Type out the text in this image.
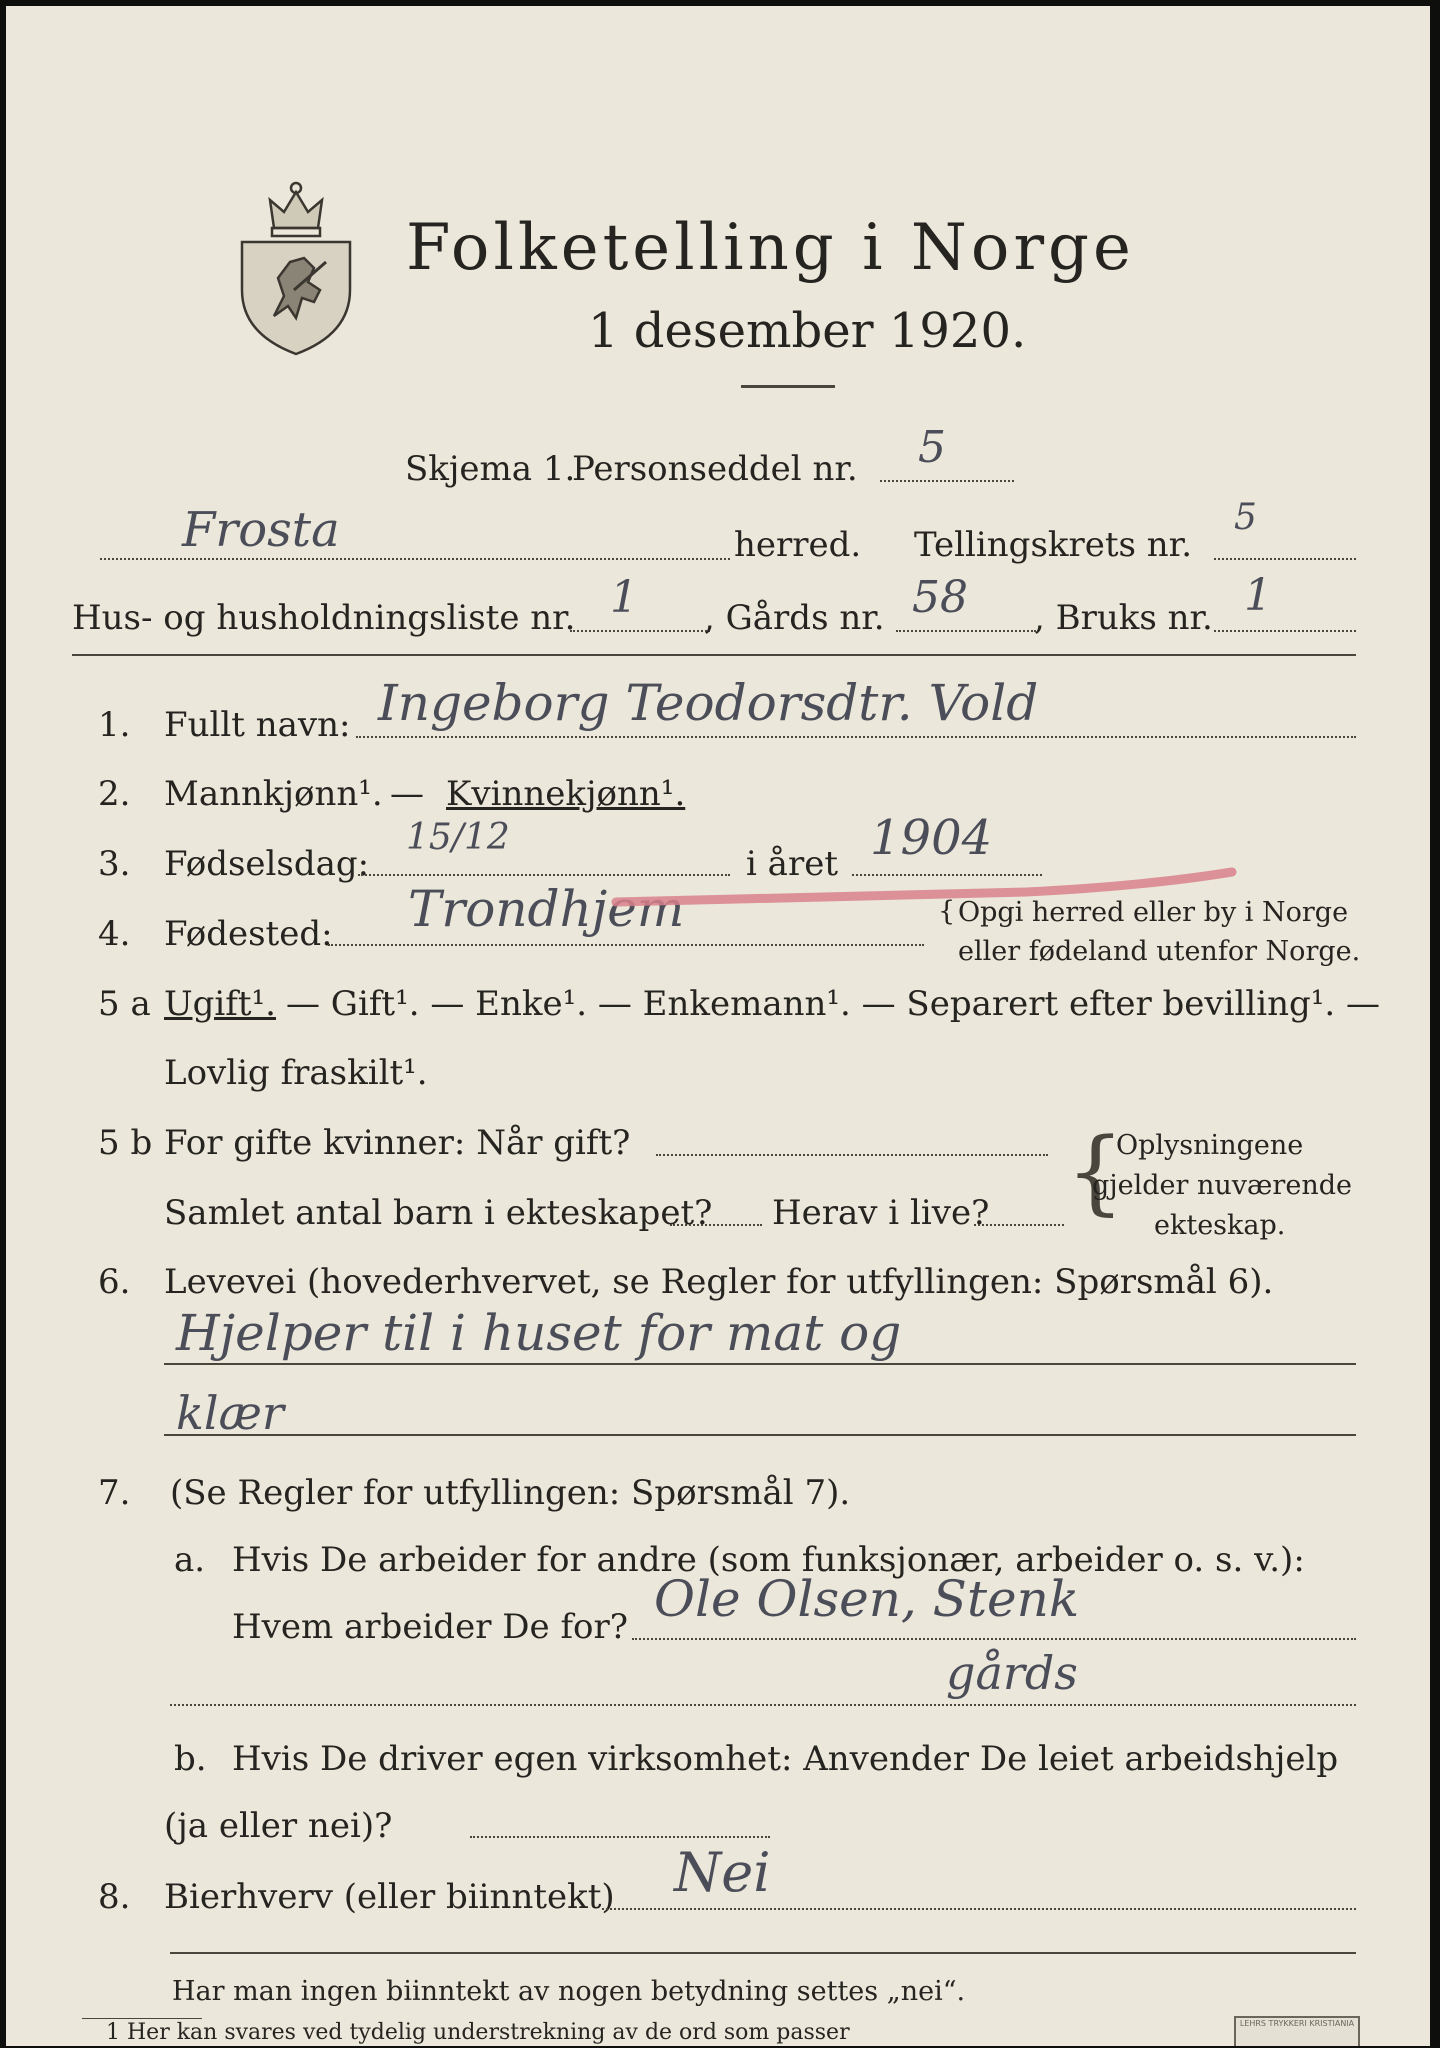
Folketelling i Norge
1 desember 1920.
Skjema 1.
Personseddel nr. 5
Frosta	herred. Tellingskrets nr.
5
Hus- og husholdningsliste nr. 1 , Gårds nr. 58 , Bruks nr. 1
1. Fullt navn: Ingeborg Teodorsdtr. Vold
2. Mannkjønn¹. — Kvinnekjønn¹.
3. Fødselsdag:
15/12
i året 1904
4. Fødested: Trondhjem	{ Opgi herred eller by i Norge
eller fødeland utenfor Norge.
5 a Ugift¹. — Gift¹. — Enke¹. — Enkemann¹. — Separert efter bevilling¹. —
Lovlig fraskilt¹.
5 b For gifte kvinner: Når gift?
Samlet antal barn i ekteskapet? Herav i live? {
Oplysningene
gjelder nuværende
ekteskap.
6. Levevei (hovederhvervet, se Regler for utfyllingen: Spørsmål 6).
Hjelper til i huset for mat og
klær
7. (Se Regler for utfyllingen: Spørsmål 7).
a. Hvis De arbeider for andre (som funksjonær, arbeider o. s. v.):
Hvem arbeider De for? Ole Olsen, Stenk
gårds
b. Hvis De driver egen virksomhet: Anvender De leiet arbeidshjelp
(ja eller nei)?
8. Bierhverv (eller biinntekt) Nei
Har man ingen biinntekt av nogen betydning settes „nei“.
1 Her kan svares ved tydelig understrekning av de ord som passer	LEHRS TRYKKERI KRISTIANIA
